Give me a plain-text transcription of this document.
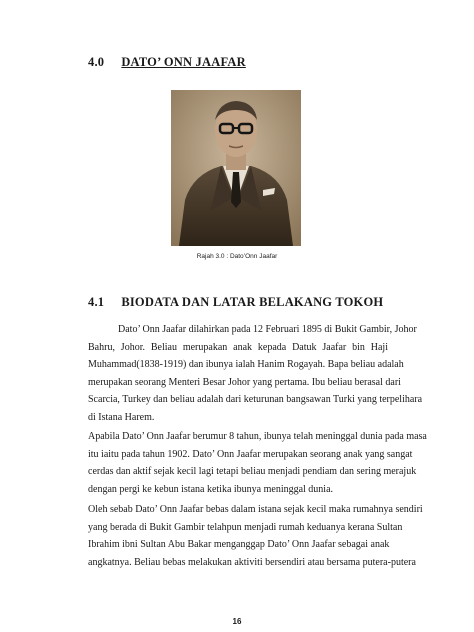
4.0 DATO’ ONN JAAFAR
Rajah 3.0 : Dato’Onn Jaafar
4.1 BIODATA DAN LATAR BELAKANG TOKOH
Dato’ Onn Jaafar dilahirkan pada 12 Februari 1895 di Bukit Gambir, Johor
Bahru, Johor. Beliau merupakan anak kepada Datuk Jaafar bin Haji
Muhammad(1838-1919) dan ibunya ialah Hanim Rogayah. Bapa beliau adalah
merupakan seorang Menteri Besar Johor yang pertama. Ibu beliau berasal dari
Scarcia, Turkey dan beliau adalah dari keturunan bangsawan Turki yang terpelihara
di Istana Harem.
Apabila Dato’ Onn Jaafar berumur 8 tahun, ibunya telah meninggal dunia pada masa
itu iaitu pada tahun 1902. Dato’ Onn Jaafar merupakan seorang anak yang sangat
cerdas dan aktif sejak kecil lagi tetapi beliau menjadi pendiam dan sering merajuk
dengan pergi ke kebun istana ketika ibunya meninggal dunia.
Oleh sebab Dato’ Onn Jaafar bebas dalam istana sejak kecil maka rumahnya sendiri
yang berada di Bukit Gambir telahpun menjadi rumah keduanya kerana Sultan
Ibrahim ibni Sultan Abu Bakar menganggap Dato’ Onn Jaafar sebagai anak
angkatnya. Beliau bebas melakukan aktiviti bersendiri atau bersama putera-putera
16
